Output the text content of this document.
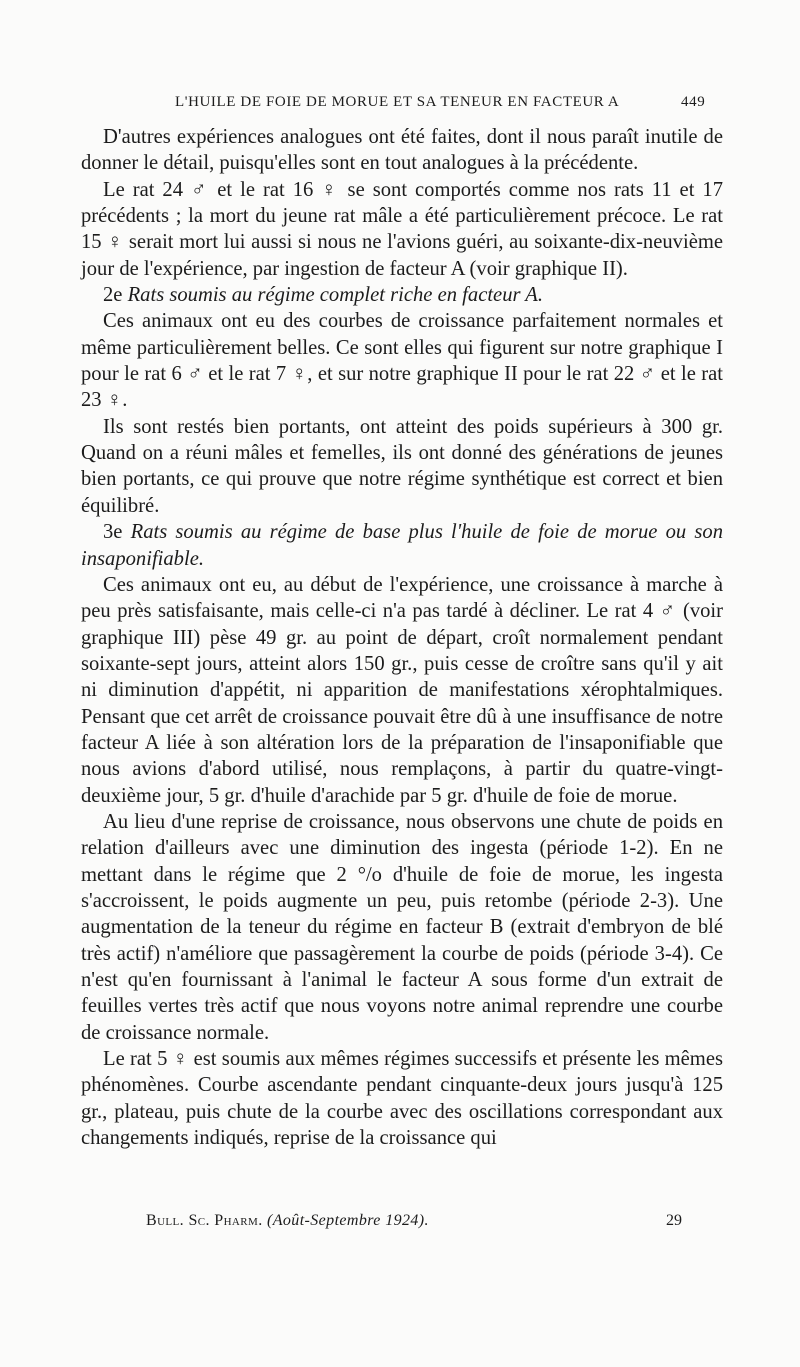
L'HUILE DE FOIE DE MORUE ET SA TENEUR EN FACTEUR A	449

D'autres expériences analogues ont été faites, dont il nous paraît inutile de donner le détail, puisqu'elles sont en tout analogues à la précédente.

Le rat 24 ♂ et le rat 16 ♀ se sont comportés comme nos rats 11 et 17 précédents ; la mort du jeune rat mâle a été particulièrement précoce. Le rat 15 ♀ serait mort lui aussi si nous ne l'avions guéri, au soixante-dix-neuvième jour de l'expérience, par ingestion de facteur A (voir graphique II).

2e Rats soumis au régime complet riche en facteur A.

Ces animaux ont eu des courbes de croissance parfaitement normales et même particulièrement belles. Ce sont elles qui figurent sur notre graphique I pour le rat 6 ♂ et le rat 7 ♀, et sur notre graphique II pour le rat 22 ♂ et le rat 23 ♀.

Ils sont restés bien portants, ont atteint des poids supérieurs à 300 gr. Quand on a réuni mâles et femelles, ils ont donné des générations de jeunes bien portants, ce qui prouve que notre régime synthétique est correct et bien équilibré.

3e Rats soumis au régime de base plus l'huile de foie de morue ou son insaponifiable.

Ces animaux ont eu, au début de l'expérience, une croissance à marche à peu près satisfaisante, mais celle-ci n'a pas tardé à décliner. Le rat 4 ♂ (voir graphique III) pèse 49 gr. au point de départ, croît normalement pendant soixante-sept jours, atteint alors 150 gr., puis cesse de croître sans qu'il y ait ni diminution d'appétit, ni apparition de manifestations xérophtalmiques. Pensant que cet arrêt de croissance pouvait être dû à une insuffisance de notre facteur A liée à son altération lors de la préparation de l'insaponifiable que nous avions d'abord utilisé, nous remplaçons, à partir du quatre-vingt-deuxième jour, 5 gr. d'huile d'arachide par 5 gr. d'huile de foie de morue.

Au lieu d'une reprise de croissance, nous observons une chute de poids en relation d'ailleurs avec une diminution des ingesta (période 1-2). En ne mettant dans le régime que 2 °/o d'huile de foie de morue, les ingesta s'accroissent, le poids augmente un peu, puis retombe (période 2-3). Une augmentation de la teneur du régime en facteur B (extrait d'embryon de blé très actif) n'améliore que passagèrement la courbe de poids (période 3-4). Ce n'est qu'en fournissant à l'animal le facteur A sous forme d'un extrait de feuilles vertes très actif que nous voyons notre animal reprendre une courbe de croissance normale.

Le rat 5 ♀ est soumis aux mêmes régimes successifs et présente les mêmes phénomènes. Courbe ascendante pendant cinquante-deux jours jusqu'à 125 gr., plateau, puis chute de la courbe avec des oscillations correspondant aux changements indiqués, reprise de la croissance qui

Bull. Sc. Pharm. (Août-Septembre 1924).	29
